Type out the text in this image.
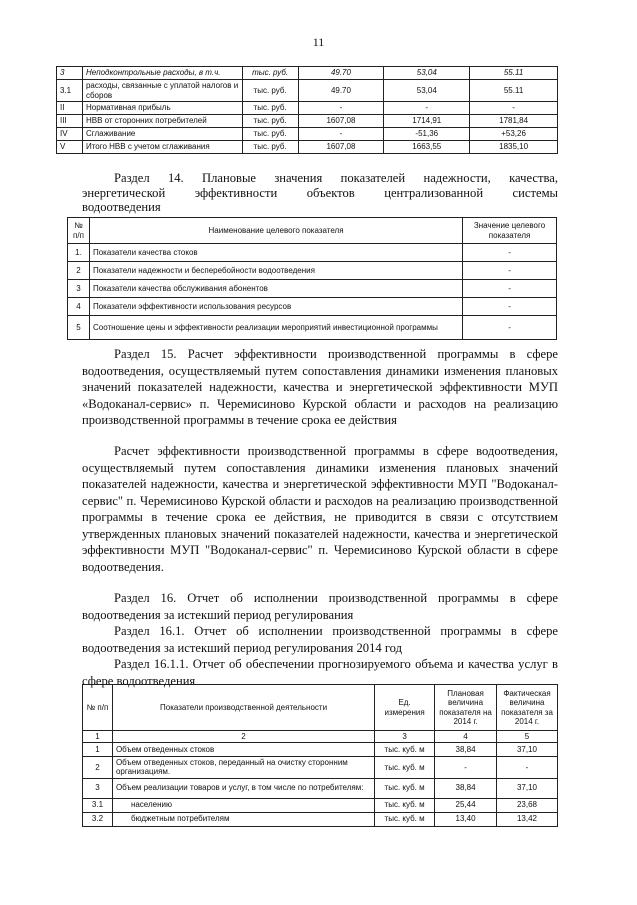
11
3	Неподконтрольные расходы, в т.ч.	тыс. руб.	49.70	53,04	55.11
3.1	расходы, связанные с уплатой налогов и сборов	тыс. руб.	49.70	53,04	55.11
II	Нормативная прибыль	тыс. руб.	-	-	-
III	НВВ от сторонних потребителей	тыс. руб.	1607,08	1714,91	1781,84
IV	Сглаживание	тыс. руб.	-	-51,36	+53,26
V	Итого НВВ с учетом сглаживания	тыс. руб.	1607,08	1663,55	1835,10
Раздел 14. Плановые значения показателей надежности, качества,
энергетической эффективности объектов централизованной системы
водоотведения
№ п/п	Наименование целевого показателя	Значение целевого показателя
1.	Показатели качества стоков	-
2	Показатели надежности и бесперебойности водоотведения	-
3	Показатели качества обслуживания абонентов	-
4	Показатели эффективности использования ресурсов	-
5	Соотношение цены и эффективности реализации мероприятий инвестиционной программы	-
Раздел 15. Расчет эффективности производственной программы в сфере водоотведения, осуществляемый путем сопоставления динамики изменения плановых значений показателей надежности, качества и энергетической эффективности МУП «Водоканал-сервис» п. Черемисиново Курской области и расходов на реализацию производственной программы в течение срока ее действия
Расчет эффективности производственной программы в сфере водоотведения, осуществляемый путем сопоставления динамики изменения плановых значений показателей надежности, качества и энергетической эффективности МУП "Водоканал-сервис" п. Черемисиново Курской области и расходов на реализацию производственной программы в течение срока ее действия, не приводится в связи с отсутствием утвержденных плановых значений показателей надежности, качества и энергетической эффективности МУП "Водоканал-сервис" п. Черемисиново Курской области в сфере водоотведения.
Раздел 16. Отчет об исполнении производственной программы в сфере водоотведения за истекший период регулирования
Раздел 16.1. Отчет об исполнении производственной программы в сфере водоотведения за истекший период регулирования 2014 год
Раздел 16.1.1. Отчет об обеспечении прогнозируемого объема и качества услуг в сфере водоотведения
№ п/п	Показатели производственной деятельности	Ед. измерения	Плановая величина показателя на 2014 г.	Фактическая величина показателя за 2014 г.
1	2	3	4	5
1	Объем отведенных стоков	тыс. куб. м	38,84	37,10
2	Объем отведенных стоков, переданный на очистку сторонним организациям.	тыс. куб. м	-	-
3	Объем реализации товаров и услуг, в том числе по потребителям:	тыс. куб. м	38,84	37,10
3.1	населению	тыс. куб. м	25,44	23,68
3.2	бюджетным потребителям	тыс. куб. м	13,40	13,42
